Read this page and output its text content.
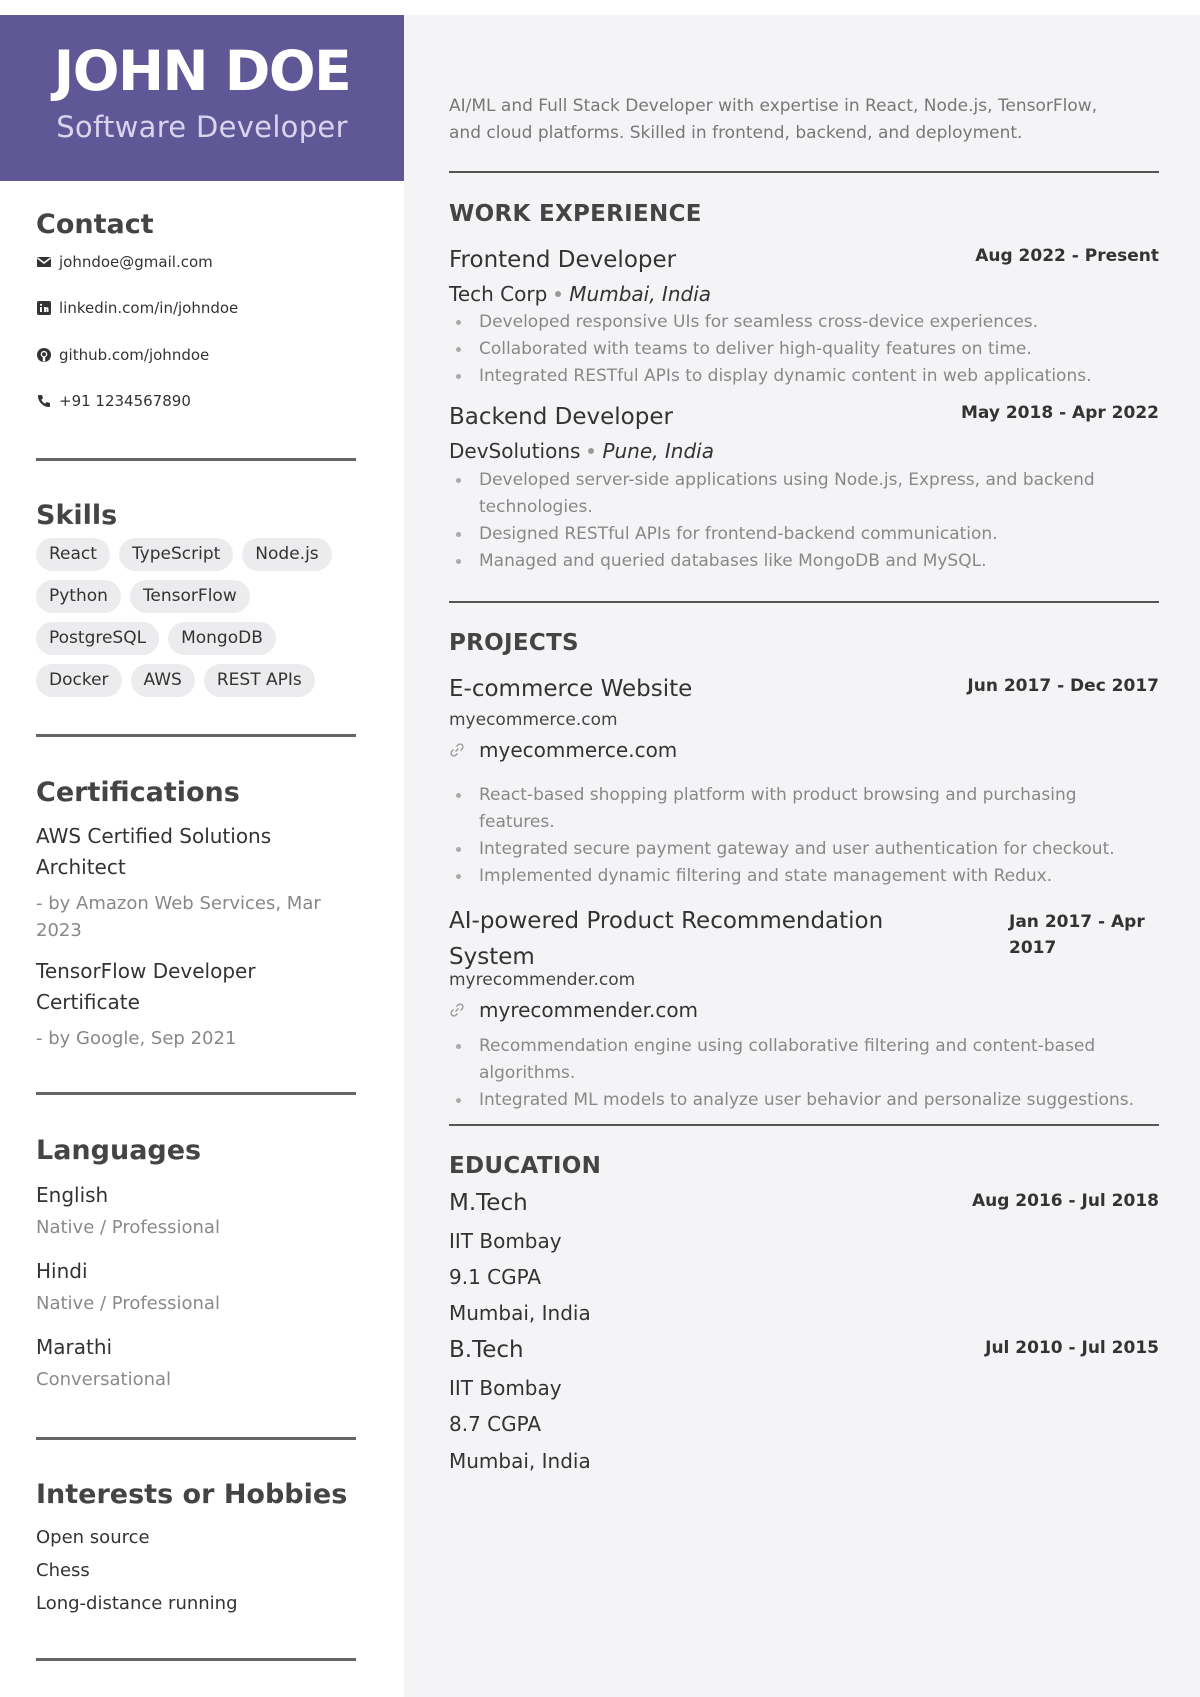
JOHN DOE
Software Developer
Contact
johndoe@gmail.com
linkedin.com/in/johndoe
github.com/johndoe
+91 1234567890
Skills
React	TypeScript	Node.js
Python	TensorFlow
PostgreSQL	MongoDB
Docker	AWS	REST APIs
Certifications
AWS Certified Solutions Architect
- by Amazon Web Services, Mar 2023
TensorFlow Developer Certificate
- by Google, Sep 2021
Languages
English
Native / Professional
Hindi
Native / Professional
Marathi
Conversational
Interests or Hobbies
Open source
Chess
Long-distance running
AI/ML and Full Stack Developer with expertise in React, Node.js, TensorFlow, and cloud platforms. Skilled in frontend, backend, and deployment.
WORK EXPERIENCE
Frontend Developer	Aug 2022 - Present
Tech Corp Mumbai, India
Developed responsive UIs for seamless cross-device experiences.
Collaborated with teams to deliver high-quality features on time.
Integrated RESTful APIs to display dynamic content in web applications.
Backend Developer	May 2018 - Apr 2022
DevSolutions Pune, India
Developed server-side applications using Node.js, Express, and backend technologies.
Designed RESTful APIs for frontend-backend communication.
Managed and queried databases like MongoDB and MySQL.
PROJECTS
E-commerce Website	Jun 2017 - Dec 2017
myecommerce.com
myecommerce.com
React-based shopping platform with product browsing and purchasing features.
Integrated secure payment gateway and user authentication for checkout.
Implemented dynamic filtering and state management with Redux.
AI-powered Product Recommendation System
Jan 2017 - Apr 2017
myrecommender.com
myrecommender.com
Recommendation engine using collaborative filtering and content-based algorithms.
Integrated ML models to analyze user behavior and personalize suggestions.
EDUCATION
M.Tech	Aug 2016 - Jul 2018
IIT Bombay
9.1 CGPA
Mumbai, India
B.Tech	Jul 2010 - Jul 2015
IIT Bombay
8.7 CGPA
Mumbai, India
